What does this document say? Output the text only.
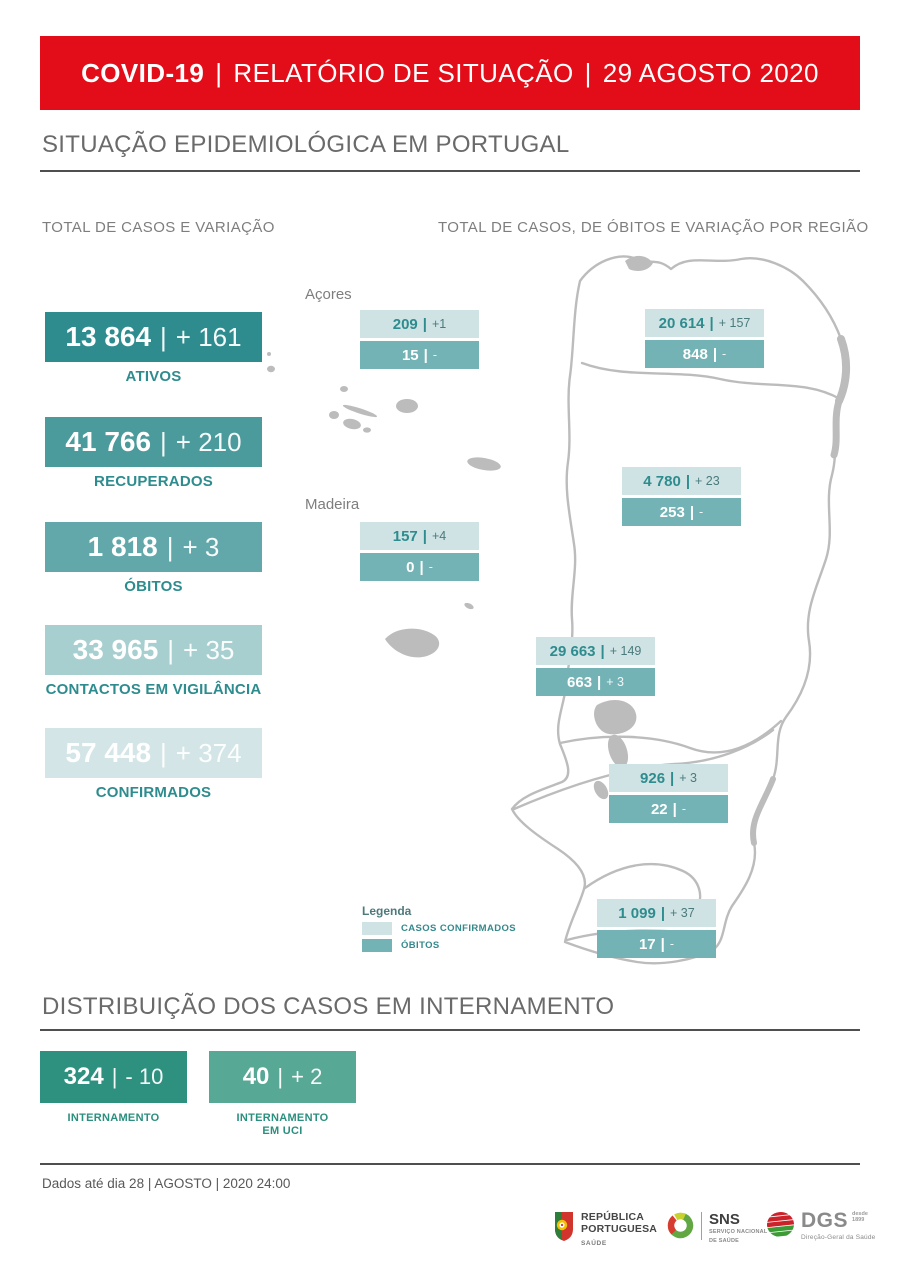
COVID-19 | RELATÓRIO DE SITUAÇÃO | 29 AGOSTO 2020
SITUAÇÃO EPIDEMIOLÓGICA EM PORTUGAL
TOTAL DE CASOS E VARIAÇÃO	TOTAL DE CASOS, DE ÓBITOS E VARIAÇÃO POR REGIÃO
13 864 | + 161
ATIVOS
41 766 | + 210
RECUPERADOS
1 818 | + 3
ÓBITOS
33 965 | + 35
CONTACTOS EM VIGILÂNCIA
57 448 | + 374
CONFIRMADOS
Açores
Madeira
209 | +1
15 | -
157 | +4
0 | -
20 614 | + 157
848 | -
4 780 | + 23
253 | -
29 663 | + 149
663 | + 3
926 | + 3
22 | -
1 099 | + 37
17 | -
Legenda
CASOS CONFIRMADOS
ÓBITOS
DISTRIBUIÇÃO DOS CASOS EM INTERNAMENTO
324 | - 10
INTERNAMENTO
40 | + 2
INTERNAMENTO
EM UCI
Dados até dia 28 | AGOSTO | 2020 24:00
REPÚBLICA
PORTUGUESA
SAÚDE
SNS
SERVIÇO NACIONAL
DE SAÚDE
DGS desde
1899
Direção-Geral da Saúde
